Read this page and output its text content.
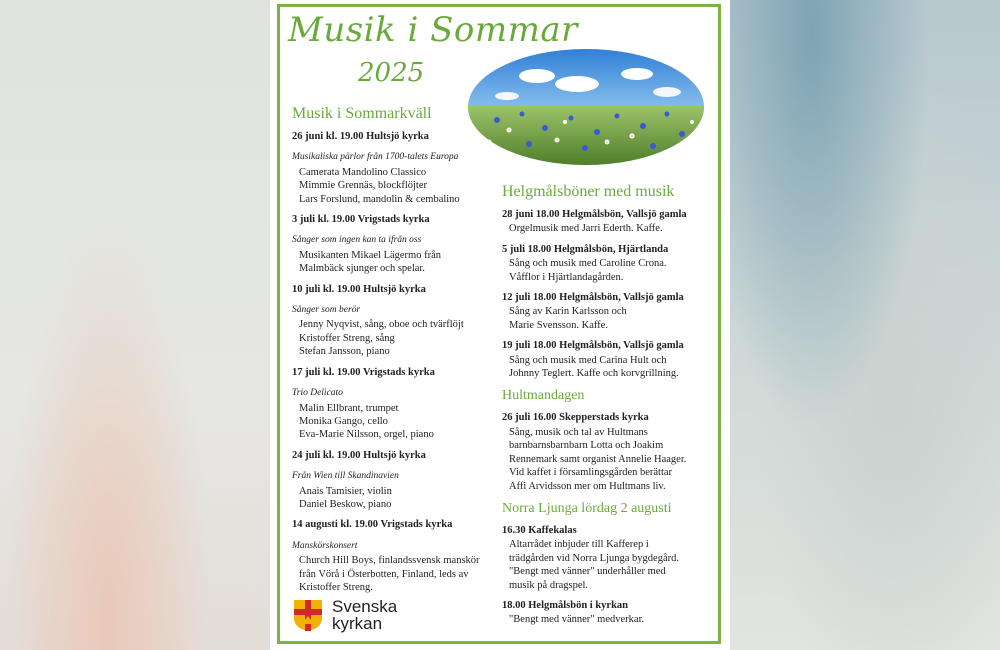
Musik i Sommar
2025
Musik i Sommarkväll
26 juni kl. 19.00 Hultsjö kyrka
Musikaliska pärlor från 1700-talets Europa
Camerata Mandolino Classico
Mimmie Grennäs, blockflöjter
Lars Forslund, mandolin & cembalino
3 juli kl. 19.00 Vrigstads kyrka
Sånger som ingen kan ta ifrån oss
Musikanten Mikael Lägermo från
Malmbäck sjunger och spelar.
10 juli kl. 19.00 Hultsjö kyrka
Sånger som berör
Jenny Nyqvist, sång, oboe och tvärflöjt
Kristoffer Streng, sång
Stefan Jansson, piano
17 juli kl. 19.00 Vrigstads kyrka
Trio Delicato
Malin Ellbrant, trumpet
Monika Gango, cello
Eva-Marie Nilsson, orgel, piano
24 juli kl. 19.00 Hultsjö kyrka
Från Wien till Skandinavien
Anais Tamisier, violin
Daniel Beskow, piano
14 augusti kl. 19.00 Vrigstads kyrka
Manskörskonsert
Church Hill Boys, finlandssvensk manskör
från Vörå i Österbotten, Finland, leds av
Kristoffer Streng.
Helgmålsböner med musik
28 juni 18.00 Helgmålsbön, Vallsjö gamla
Orgelmusik med Jarri Ederth. Kaffe.
5 juli 18.00 Helgmålsbön, Hjärtlanda
Sång och musik med Caroline Crona.
Våfflor i Hjärtlandagården.
12 juli 18.00 Helgmålsbön, Vallsjö gamla
Sång av Karin Karlsson och
Marie Svensson. Kaffe.
19 juli 18.00 Helgmålsbön, Vallsjö gamla
Sång och musik med Carina Hult och
Johnny Teglert. Kaffe och korvgrillning.
Hultmandagen
26 juli 16.00 Skepperstads kyrka
Sång, musik och tal av Hultmans
barnbarnsbarnbarn Lotta och Joakim
Rennemark samt organist Annelie Haager.
Vid kaffet i församlingsgården berättar
Affi Arvidsson mer om Hultmans liv.
Norra Ljunga lördag 2 augusti
16.30 Kaffekalas
Altarrådet inbjuder till Kafferep i
trädgården vid Norra Ljunga bygdegård.
"Bengt med vänner" underhåller med
musik på dragspel.
18.00 Helgmålsbön i kyrkan
"Bengt med vänner" medverkar.
Svenska
kyrkan
